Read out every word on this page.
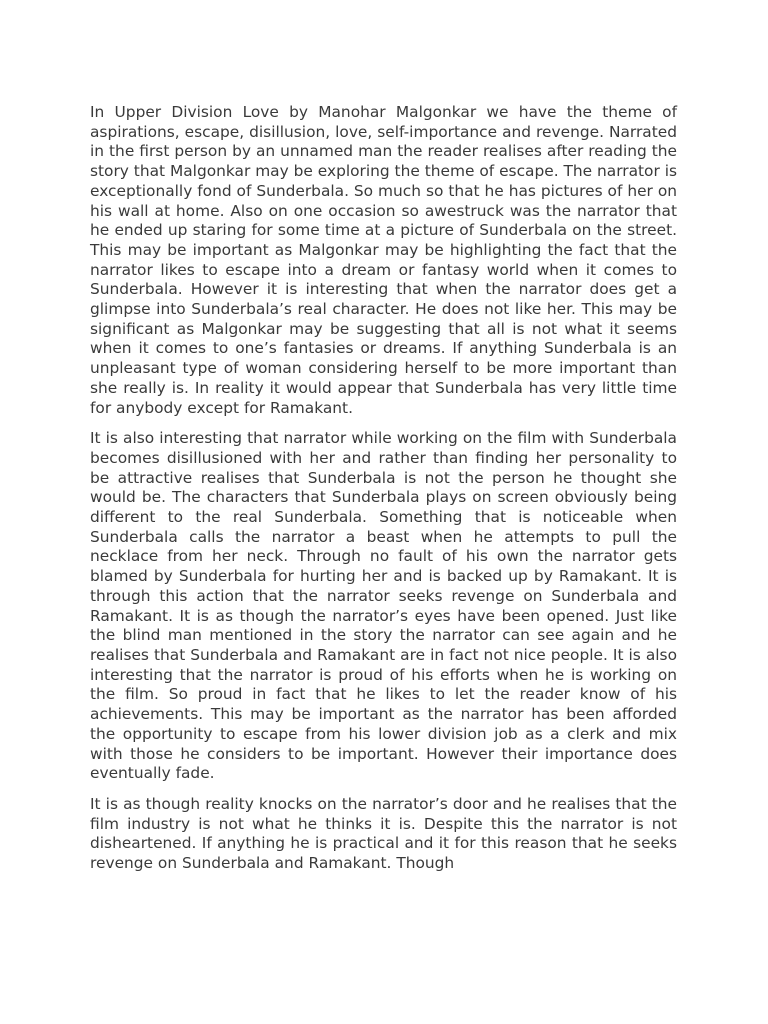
In Upper Division Love by Manohar Malgonkar we have the theme of aspirations, escape, disillusion, love, self-importance and revenge. Narrated in the first person by an unnamed man the reader realises after reading the story that Malgonkar may be exploring the theme of escape. The narrator is exceptionally fond of Sunderbala. So much so that he has pictures of her on his wall at home. Also on one occasion so awestruck was the narrator that he ended up staring for some time at a picture of Sunderbala on the street. This may be important as Malgonkar may be highlighting the fact that the narrator likes to escape into a dream or fantasy world when it comes to Sunderbala. However it is interesting that when the narrator does get a glimpse into Sunderbala’s real character. He does not like her. This may be significant as Malgonkar may be suggesting that all is not what it seems when it comes to one’s fantasies or dreams. If anything Sunderbala is an unpleasant type of woman considering herself to be more important than she really is. In reality it would appear that Sunderbala has very little time for anybody except for Ramakant.

It is also interesting that narrator while working on the film with Sunderbala becomes disillusioned with her and rather than finding her personality to be attractive realises that Sunderbala is not the person he thought she would be. The characters that Sunderbala plays on screen obviously being different to the real Sunderbala. Something that is noticeable when Sunderbala calls the narrator a beast when he attempts to pull the necklace from her neck. Through no fault of his own the narrator gets blamed by Sunderbala for hurting her and is backed up by Ramakant. It is through this action that the narrator seeks revenge on Sunderbala and Ramakant. It is as though the narrator’s eyes have been opened. Just like the blind man mentioned in the story the narrator can see again and he realises that Sunderbala and Ramakant are in fact not nice people. It is also interesting that the narrator is proud of his efforts when he is working on the film. So proud in fact that he likes to let the reader know of his achievements. This may be important as the narrator has been afforded the opportunity to escape from his lower division job as a clerk and mix with those he considers to be important. However their importance does eventually fade.

It is as though reality knocks on the narrator’s door and he realises that the film industry is not what he thinks it is. Despite this the narrator is not disheartened. If anything he is practical and it for this reason that he seeks revenge on Sunderbala and Ramakant. Though
